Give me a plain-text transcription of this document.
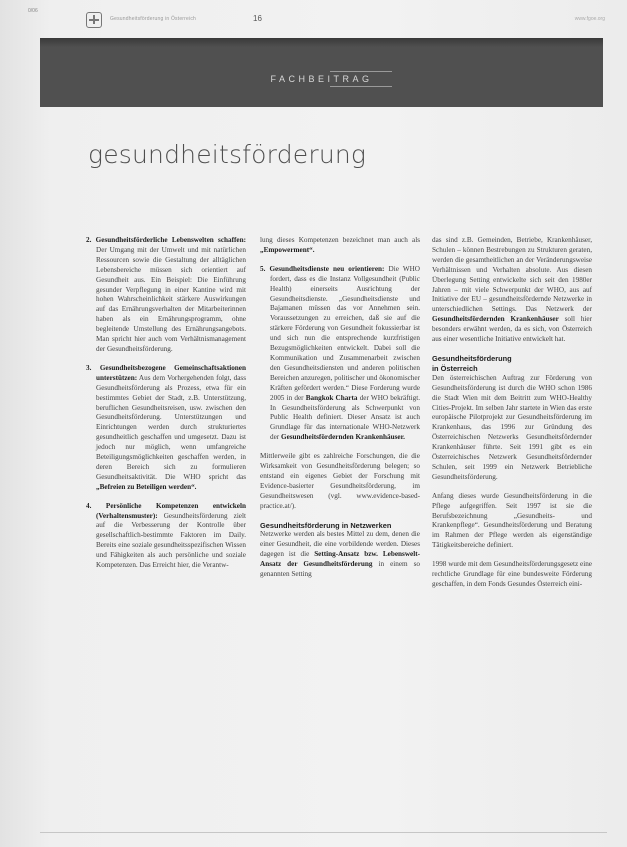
0/06
Gesundheitsförderung in Österreich	16	www.fgoe.org
FACHBEITRAG
gesundheitsförderung

2. Gesundheitsförderliche Lebenswelten schaffen: Der Umgang mit der Umwelt und mit natürlichen Ressourcen sowie die Gestaltung der alltäglichen Lebensbereiche müssen sich orientiert auf Gesundheit aus. Ein Beispiel: Die Einführung gesunder Verpflegung in einer Kantine wird mit hohen Wahrscheinlichkeit stärkere Auswirkungen auf das Ernährungsverhalten der Mitarbeiterinnen haben als ein Ernährungsprogramm, ohne begleitende Umstellung des Ernährungsangebots. Man spricht hier auch vom Verhältnismanagement der Gesundheitsförderung.

3. Gesundheitsbezogene Gemeinschaftsaktionen unterstützen: Aus dem Vorhergehenden folgt, dass Gesundheitsförderung als Prozess, etwa für ein bestimmtes Gebiet der Stadt, z.B. Unterstützung, beruflichen Gesundheitsreisen, usw. zwischen den Gesundheitsförderung. Unterstützungen und Einrichtungen werden durch strukturiertes gesundheitlich geschaffen und umgesetzt. Dazu ist jedoch nur möglich, wenn umfangreiche Beteiligungsmöglichkeiten geschaffen werden, in deren Bereich sich zu formulieren Gesundheitsaktivität. Die WHO spricht das „Befreien zu Beteiligen werden“.

4. Persönliche Kompetenzen entwickeln (Verhaltensmuster): Gesundheitsförderung zielt auf die Verbesserung der Kontrolle über gesellschaftlich-bestimmte Faktoren im Daily. Bereits eine soziale gesundheitsspezifischen Wissen und Fähigkeiten als auch persönliche und soziale Kompetenzen. Das Erreicht hier, die Verantw-

lung dieses Kompetenzen bezeichnet man auch als „Empowerment“.

5. Gesundheitsdienste neu orientieren: Die WHO fordert, dass es die Instanz Vollgesundheit (Public Health) einerseits Ausrichtung der Gesundheitsdienste. „Gesundheitsdienste und Bajamanen müssen das vor Annehmen sein. Voraussetzungen zu erreichen, daß sie auf die stärkere Förderung von Gesundheit fokussierbar ist und sich nun die entsprechende kurzfristigen Bezugsmöglichkeiten entwickelt. Dabei soll die Kommunikation und Zusammenarbeit zwischen den Gesundheitsdiensten und anderen politischen Bereichen anzuregen, politischer und ökonomischer Kräften gefördert werden.“ Diese Forderung wurde 2005 in der Bangkok Charta der WHO bekräftigt. In Gesundheitsförderung als Schwerpunkt von Public Health definiert. Dieser Ansatz ist auch Grundlage für das internationale WHO-Netzwerk der Gesundheitsfördernden Krankenhäuser.

Mittlerweile gibt es zahlreiche Forschungen, die die Wirksamkeit von Gesundheitsförderung belegen; so entstand ein eigenes Gebiet der Forschung mit Evidence-basierter Gesundheitsförderung, im Gesundheitswesen (vgl. www.evidence-based-practice.at/).

Gesundheitsförderung in Netzwerken

Netzwerke werden als bestes Mittel zu dem, denen die einer Gesundheit, die eine vorbildende werden. Dieses dagegen ist die Setting-Ansatz bzw. Lebenswelt-Ansatz der Gesundheitsförderung in einem so genannten Setting

das sind z.B. Gemeinden, Betriebe, Krankenhäuser, Schulen – können Bestrebungen zu Strukturen geraten, werden die gesamtheitlichen an der Veränderungsweise Verhältnissen und Verhalten absolute. Aus diesen Überlegung Setting entwickelte sich seit den 1980er Jahren – mit viele Schwerpunkt der WHO, aus auf Initiative der EU – gesundheitsfördernde Netzwerke in unterschiedlichen Settings. Das Netzwerk der Gesundheitsfördernden Krankenhäuser soll hier besonders erwähnt werden, da es sich, von Österreich aus einer wesentliche Initiative entwickelt hat.

Gesundheitsförderung
in Österreich

Den österreichischen Auftrag zur Förderung von Gesundheitsförderung ist durch die WHO schon 1986 die Stadt Wien mit dem Beitritt zum WHO-Healthy Cities-Projekt. Im selben Jahr startete in Wien das erste europäische Pilotprojekt zur Gesundheitsförderung im Krankenhaus, das 1996 zur Gründung des Österreichischen Netzwerks Gesundheitsfördernder Krankenhäuser führte. Seit 1991 gibt es ein Österreichisches Netzwerk Gesundheitsfördernder Schulen, seit 1999 ein Netzwerk Betriebliche Gesundheitsförderung.

Anfang dieses wurde Gesundheitsförderung in die Pflege aufgegriffen. Seit 1997 ist sie die Berufsbezeichnung „Gesundheits- und Krankenpflege“. Gesundheitsförderung und Beratung im Rahmen der Pflege werden als eigenständige Tätigkeitsbereiche definiert.

1998 wurde mit dem Gesundheitsförderungsgesetz eine rechtliche Grundlage für eine bundesweite Förderung geschaffen, in dem Fonds Gesundes Österreich eini-
